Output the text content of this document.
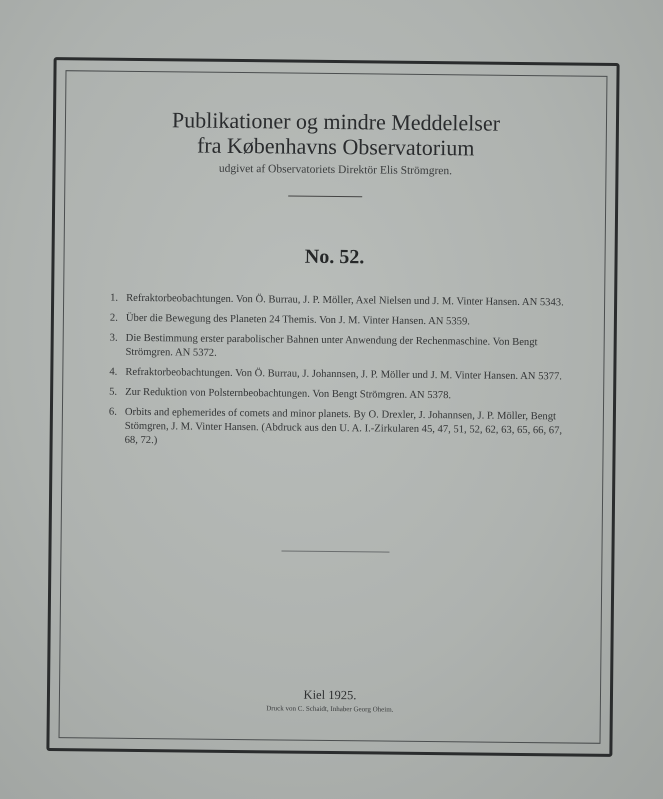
Publikationer og mindre Meddelelser
fra Københavns Observatorium
udgivet af Observatoriets Direktör Elis Strömgren.
No. 52.
1. Refraktorbeobachtungen. Von Ö. Burrau, J. P. Möller, Axel Nielsen und J. M. Vinter Hansen. AN 5343.
2. Über die Bewegung des Planeten 24 Themis. Von J. M. Vinter Hansen. AN 5359.
3. Die Bestimmung erster parabolischer Bahnen unter Anwendung der Rechenmaschine. Von Bengt Strömgren. AN 5372.
4. Refraktorbeobachtungen. Von Ö. Burrau, J. Johannsen, J. P. Möller und J. M. Vinter Hansen. AN 5377.
5. Zur Reduktion von Polsternbeobachtungen. Von Bengt Strömgren. AN 5378.
6. Orbits and ephemerides of comets and minor planets. By O. Drexler, J. Johannsen, J. P. Möller, Bengt Stömgren, J. M. Vinter Hansen. (Abdruck aus den U. A. I.-Zirkularen 45, 47, 51, 52, 62, 63, 65, 66, 67, 68, 72.)
Kiel 1925.
Druck von C. Schaidt, Inhaber Georg Oheim.
